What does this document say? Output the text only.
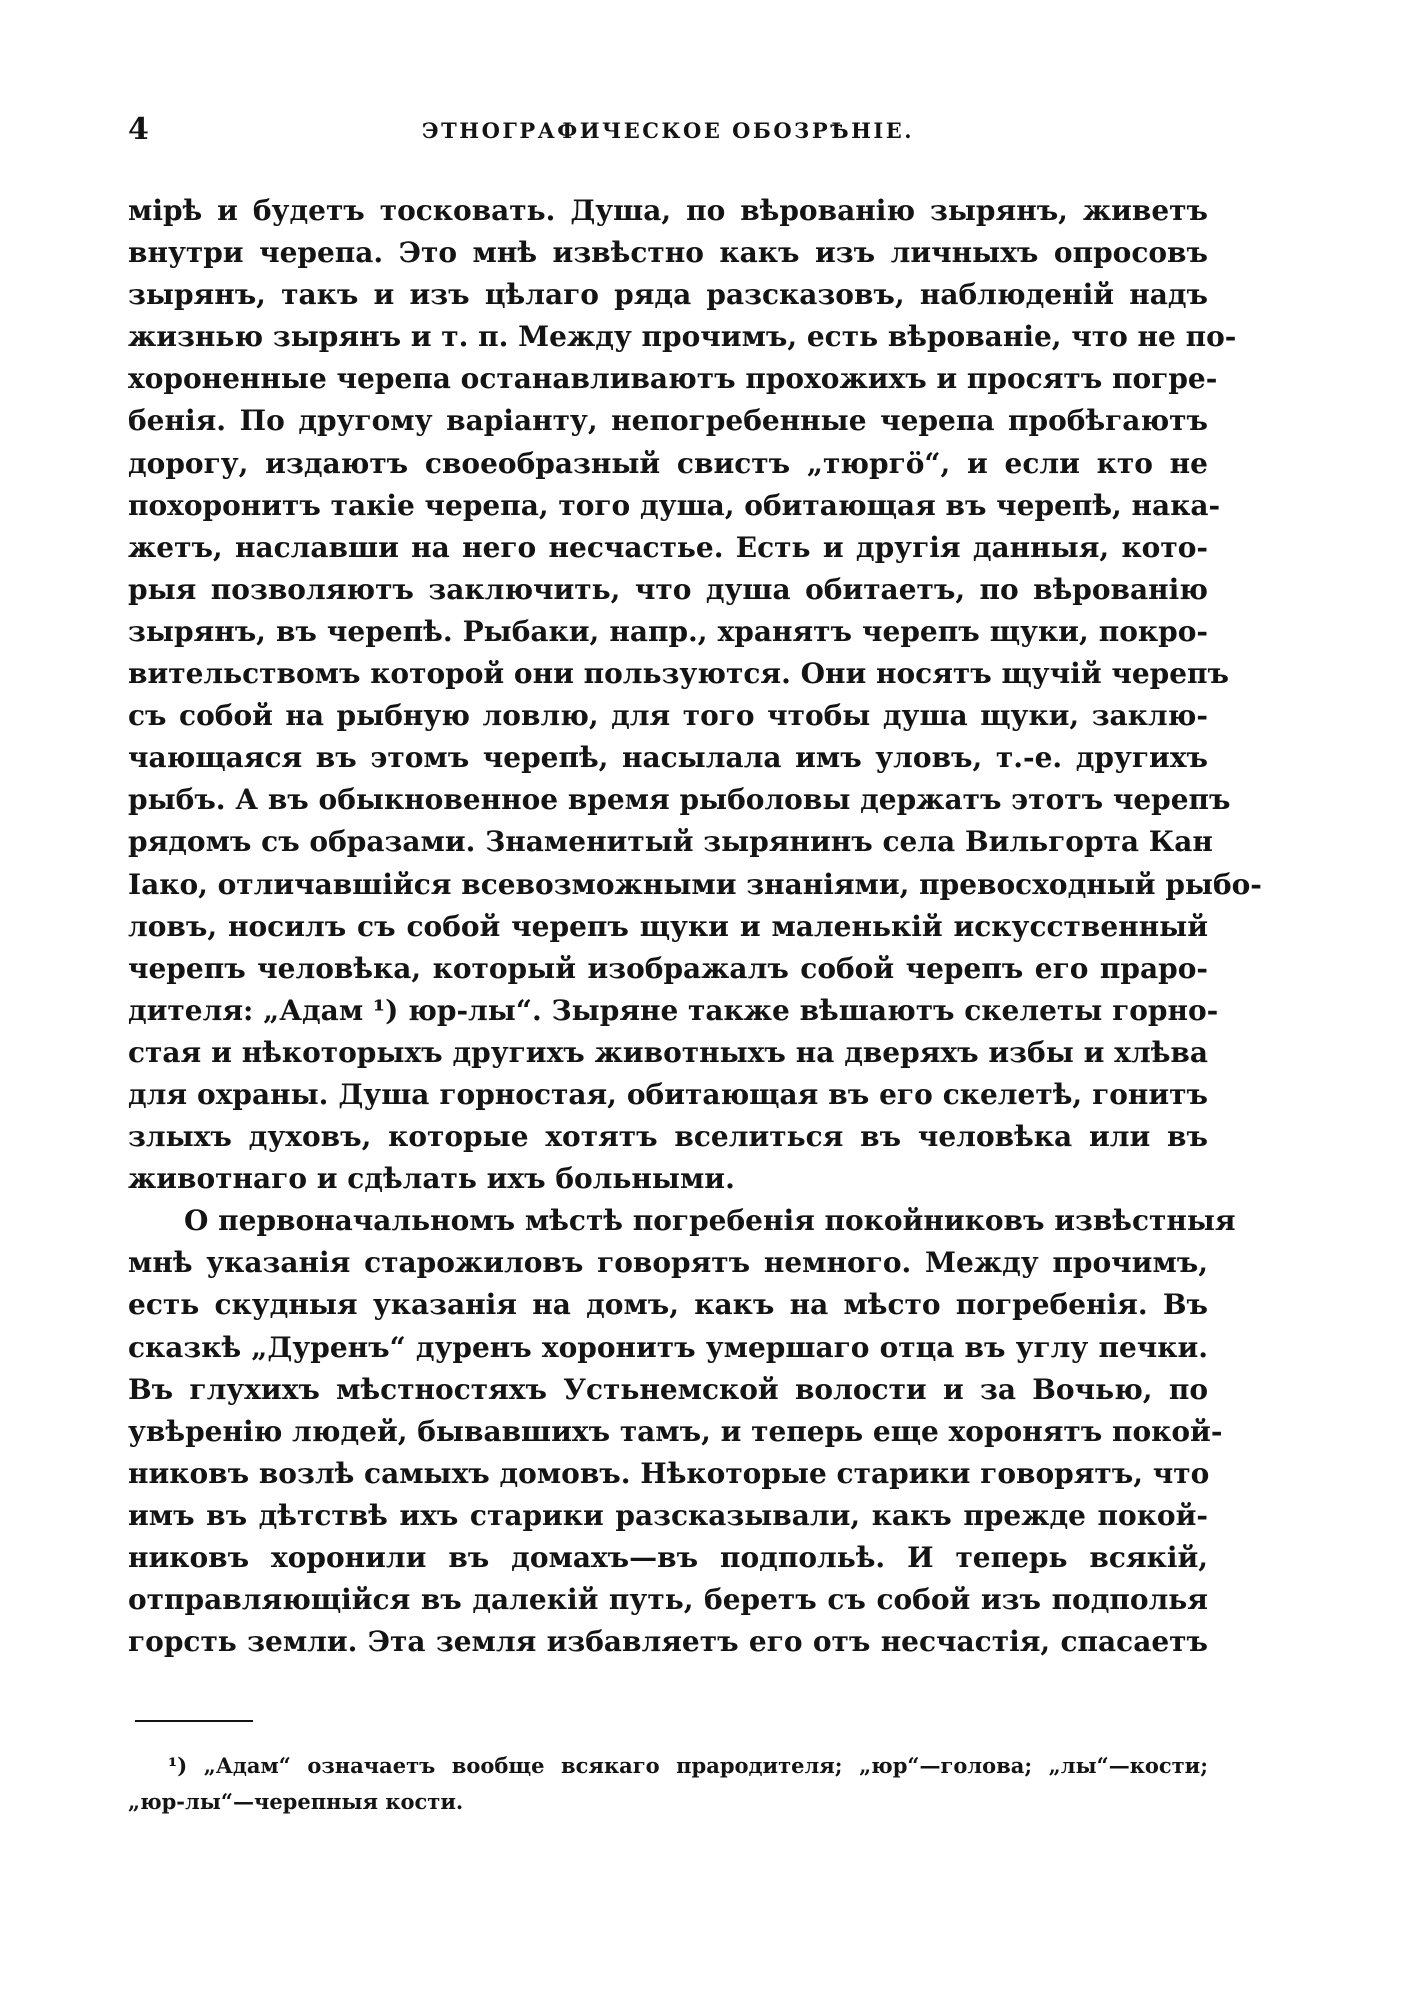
4	ЭТНОГРАФИЧЕСКОЕ ОБОЗРѢНІЕ.
мірѣ и будетъ тосковать. Душа, по вѣрованію зырянъ, живетъ
внутри черепа. Это мнѣ извѣстно какъ изъ личныхъ опросовъ
зырянъ, такъ и изъ цѣлаго ряда разсказовъ, наблюденій надъ
жизнью зырянъ и т. п. Между прочимъ, есть вѣрованіе, что не по-
хороненные черепа останавливаютъ прохожихъ и просятъ погре-
бенія. По другому варіанту, непогребенные черепа пробѣгаютъ
дорогу, издаютъ своеобразный свистъ „тюргö“, и если кто не
похоронитъ такіе черепа, того душа, обитающая въ черепѣ, нака-
жетъ, наславши на него несчастье. Есть и другія данныя, кото-
рыя позволяютъ заключить, что душа обитаетъ, по вѣрованію
зырянъ, въ черепѣ. Рыбаки, напр., хранятъ черепъ щуки, покро-
вительствомъ которой они пользуются. Они носятъ щучій черепъ
съ собой на рыбную ловлю, для того чтобы душа щуки, заклю-
чающаяся въ этомъ черепѣ, насылала имъ уловъ, т.-е. другихъ
рыбъ. А въ обыкновенное время рыболовы держатъ этотъ черепъ
рядомъ съ образами. Знаменитый зырянинъ села Вильгорта Кан
Іако, отличавшійся всевозможными знаніями, превосходный рыбо-
ловъ, носилъ съ собой черепъ щуки и маленькій искусственный
черепъ человѣка, который изображалъ собой черепъ его праро-
дителя: „Адам ¹) юр-лы“. Зыряне также вѣшаютъ скелеты горно-
стая и нѣкоторыхъ другихъ животныхъ на дверяхъ избы и хлѣва
для охраны. Душа горностая, обитающая въ его скелетѣ, гонитъ
злыхъ духовъ, которые хотятъ вселиться въ человѣка или въ
животнаго и сдѣлать ихъ больными.
О первоначальномъ мѣстѣ погребенія покойниковъ извѣстныя
мнѣ указанія старожиловъ говорятъ немного. Между прочимъ,
есть скудныя указанія на домъ, какъ на мѣсто погребенія. Въ
сказкѣ „Дуренъ“ дуренъ хоронитъ умершаго отца въ углу печки.
Въ глухихъ мѣстностяхъ Устьнемской волости и за Вочью, по
увѣренію людей, бывавшихъ тамъ, и теперь еще хоронятъ покой-
никовъ возлѣ самыхъ домовъ. Нѣкоторые старики говорятъ, что
имъ въ дѣтствѣ ихъ старики разсказывали, какъ прежде покой-
никовъ хоронили въ домахъ—въ подпольѣ. И теперь всякій,
отправляющійся въ далекій путь, беретъ съ собой изъ подполья
горсть земли. Эта земля избавляетъ его отъ несчастія, спасаетъ
¹) „Адам“ означаетъ вообще всякаго прародителя; „юр“—голова; „лы“—кости;
„юр-лы“—черепныя кости.
